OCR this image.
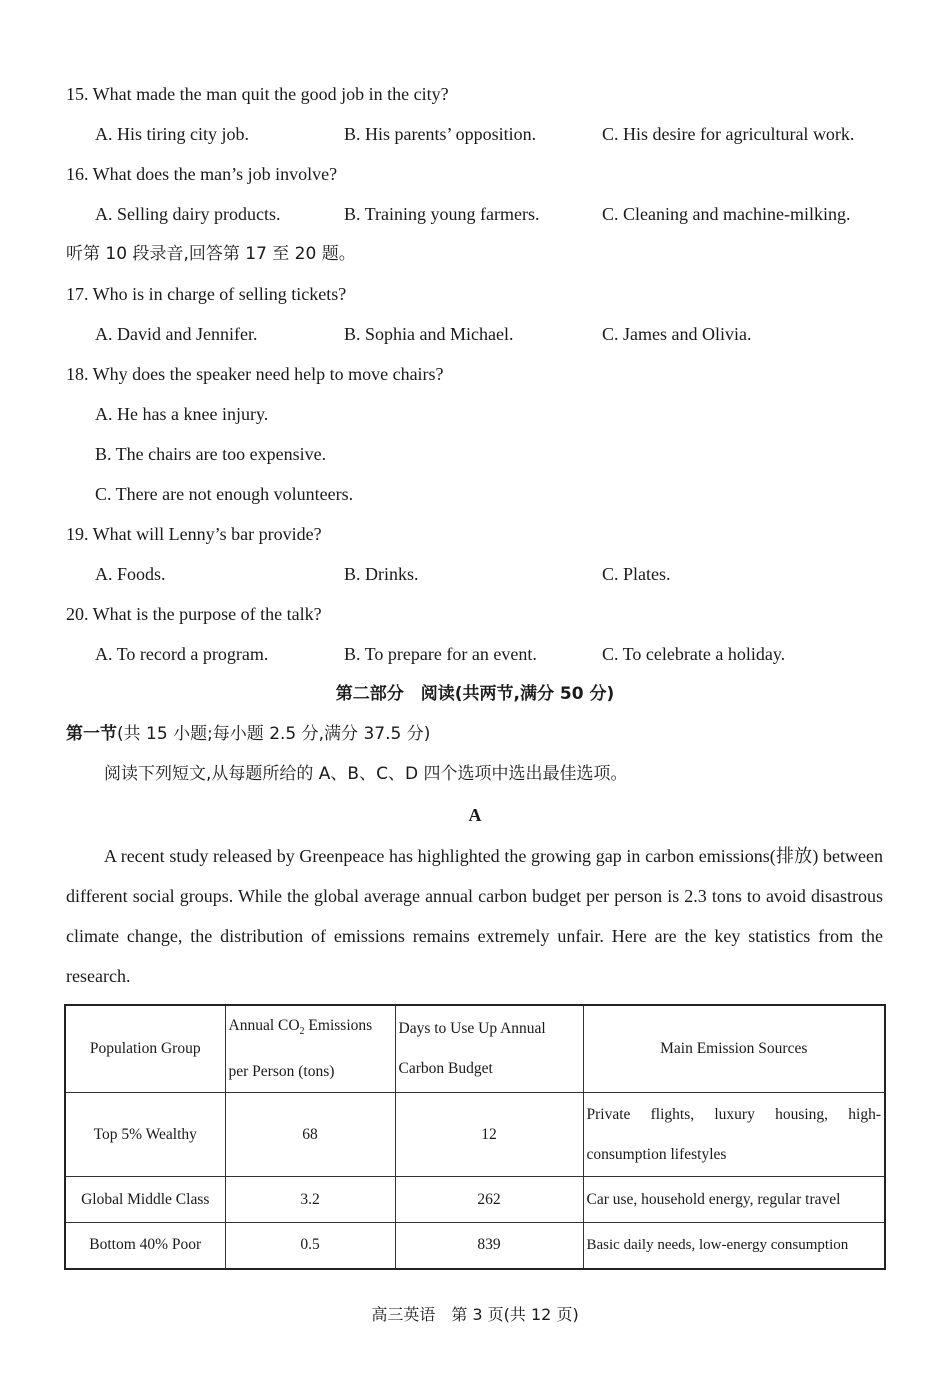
15. What made the man quit the good job in the city?
A. His tiring city job.	B. His parents’ opposition.	C. His desire for agricultural work.
16. What does the man’s job involve?
A. Selling dairy products.	B. Training young farmers.	C. Cleaning and machine-milking.
听第 10 段录音,回答第 17 至 20 题。
17. Who is in charge of selling tickets?
A. David and Jennifer.	B. Sophia and Michael.	C. James and Olivia.
18. Why does the speaker need help to move chairs?
A. He has a knee injury.
B. The chairs are too expensive.
C. There are not enough volunteers.
19. What will Lenny’s bar provide?
A. Foods.	B. Drinks.	C. Plates.
20. What is the purpose of the talk?
A. To record a program.	B. To prepare for an event.	C. To celebrate a holiday.
第二部分　阅读(共两节,满分 50 分)
第一节(共 15 小题;每小题 2.5 分,满分 37.5 分)
阅读下列短文,从每题所给的 A、B、C、D 四个选项中选出最佳选项。
A
A recent study released by Greenpeace has highlighted the growing gap in carbon emissions(排放) between different social groups. While the global average annual carbon budget per person is 2.3 tons to avoid disastrous climate change, the distribution of emissions remains extremely unfair. Here are the key statistics from the research.
Population Group	Annual $CO_2$ Emissions per Person (tons)	Days to Use Up Annual Carbon Budget	Main Emission Sources
Top 5% Wealthy	68	12	Private flights, luxury housing, high-consumption lifestyles
Global Middle Class	3.2	262	Car use, household energy, regular travel
Bottom 40% Poor	0.5	839	Basic daily needs, low-energy consumption
高三英语　第 3 页(共 12 页)
